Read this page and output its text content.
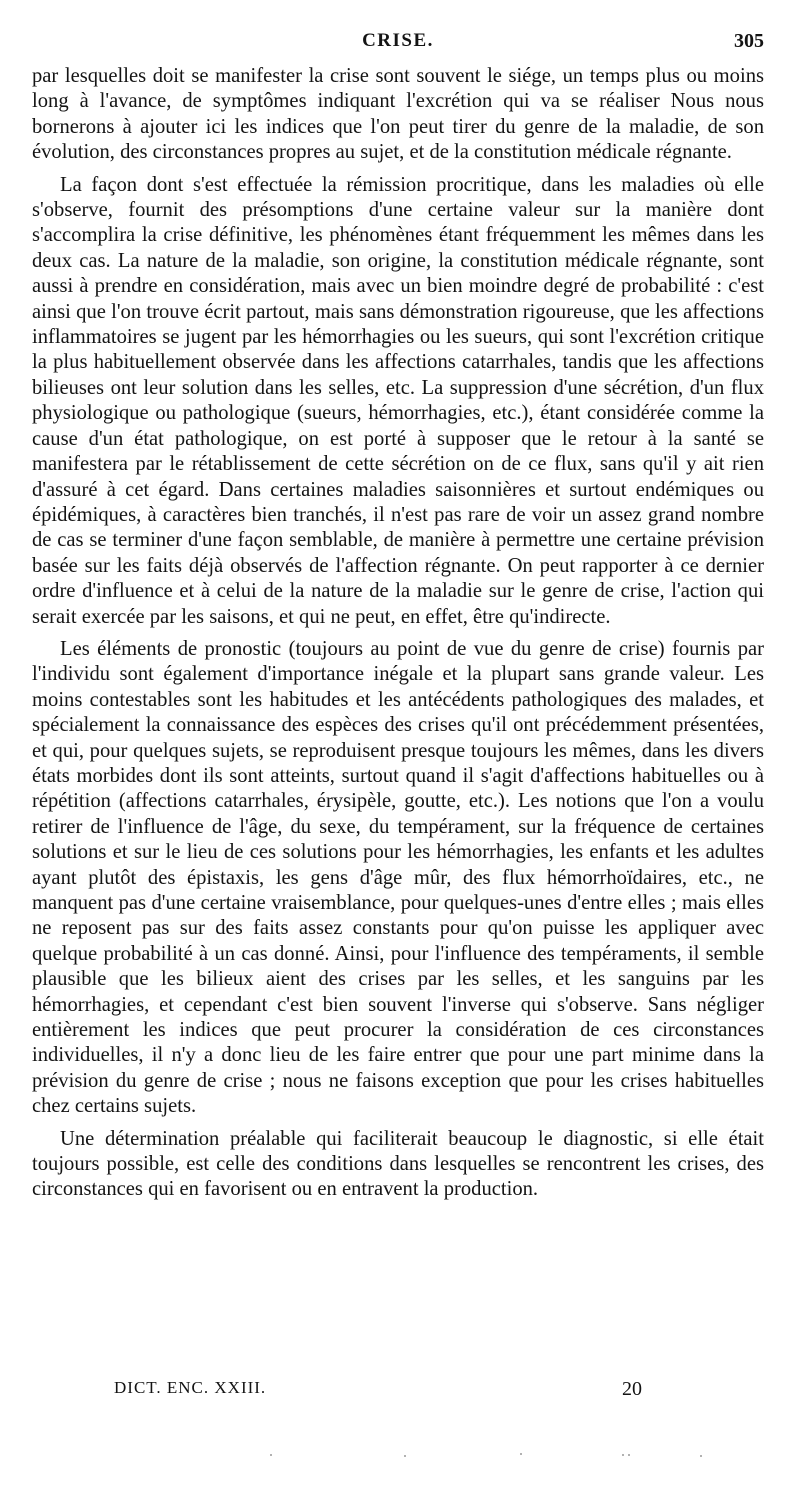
CRISE.	305

par lesquelles doit se manifester la crise sont souvent le siége, un temps plus ou moins long à l'avance, de symptômes indiquant l'excrétion qui va se réaliser Nous nous bornerons à ajouter ici les indices que l'on peut tirer du genre de la maladie, de son évolution, des circonstances propres au sujet, et de la constitution médicale régnante.

La façon dont s'est effectuée la rémission procritique, dans les maladies où elle s'observe, fournit des présomptions d'une certaine valeur sur la manière dont s'accomplira la crise définitive, les phénomènes étant fréquemment les mêmes dans les deux cas. La nature de la maladie, son origine, la constitution médicale régnante, sont aussi à prendre en considération, mais avec un bien moindre degré de probabilité : c'est ainsi que l'on trouve écrit partout, mais sans démonstration rigoureuse, que les affections inflammatoires se jugent par les hémorrhagies ou les sueurs, qui sont l'excrétion critique la plus habituellement observée dans les affections catarrhales, tandis que les affections bilieuses ont leur solution dans les selles, etc. La suppression d'une sécrétion, d'un flux physiologique ou pathologique (sueurs, hémorrhagies, etc.), étant considérée comme la cause d'un état pathologique, on est porté à supposer que le retour à la santé se manifestera par le rétablissement de cette sécrétion on de ce flux, sans qu'il y ait rien d'assuré à cet égard. Dans certaines maladies saisonnières et surtout endémiques ou épidémiques, à caractères bien tranchés, il n'est pas rare de voir un assez grand nombre de cas se terminer d'une façon semblable, de manière à permettre une certaine prévision basée sur les faits déjà observés de l'affection régnante. On peut rapporter à ce dernier ordre d'influence et à celui de la nature de la maladie sur le genre de crise, l'action qui serait exercée par les saisons, et qui ne peut, en effet, être qu'indirecte.

Les éléments de pronostic (toujours au point de vue du genre de crise) fournis par l'individu sont également d'importance inégale et la plupart sans grande valeur. Les moins contestables sont les habitudes et les antécédents pathologiques des malades, et spécialement la connaissance des espèces des crises qu'il ont précédemment présentées, et qui, pour quelques sujets, se reproduisent presque toujours les mêmes, dans les divers états morbides dont ils sont atteints, surtout quand il s'agit d'affections habituelles ou à répétition (affections catarrhales, érysipèle, goutte, etc.). Les notions que l'on a voulu retirer de l'influence de l'âge, du sexe, du tempérament, sur la fréquence de certaines solutions et sur le lieu de ces solutions pour les hémorrhagies, les enfants et les adultes ayant plutôt des épistaxis, les gens d'âge mûr, des flux hémorrhoïdaires, etc., ne manquent pas d'une certaine vraisemblance, pour quelques-unes d'entre elles ; mais elles ne reposent pas sur des faits assez constants pour qu'on puisse les appliquer avec quelque probabilité à un cas donné. Ainsi, pour l'influence des tempéraments, il semble plausible que les bilieux aient des crises par les selles, et les sanguins par les hémorrhagies, et cependant c'est bien souvent l'inverse qui s'observe. Sans négliger entièrement les indices que peut procurer la considération de ces circonstances individuelles, il n'y a donc lieu de les faire entrer que pour une part minime dans la prévision du genre de crise ; nous ne faisons exception que pour les crises habituelles chez certains sujets.

Une détermination préalable qui faciliterait beaucoup le diagnostic, si elle était toujours possible, est celle des conditions dans lesquelles se rencontrent les crises, des circonstances qui en favorisent ou en entravent la production.

DICT. ENC. XXIII.	20
